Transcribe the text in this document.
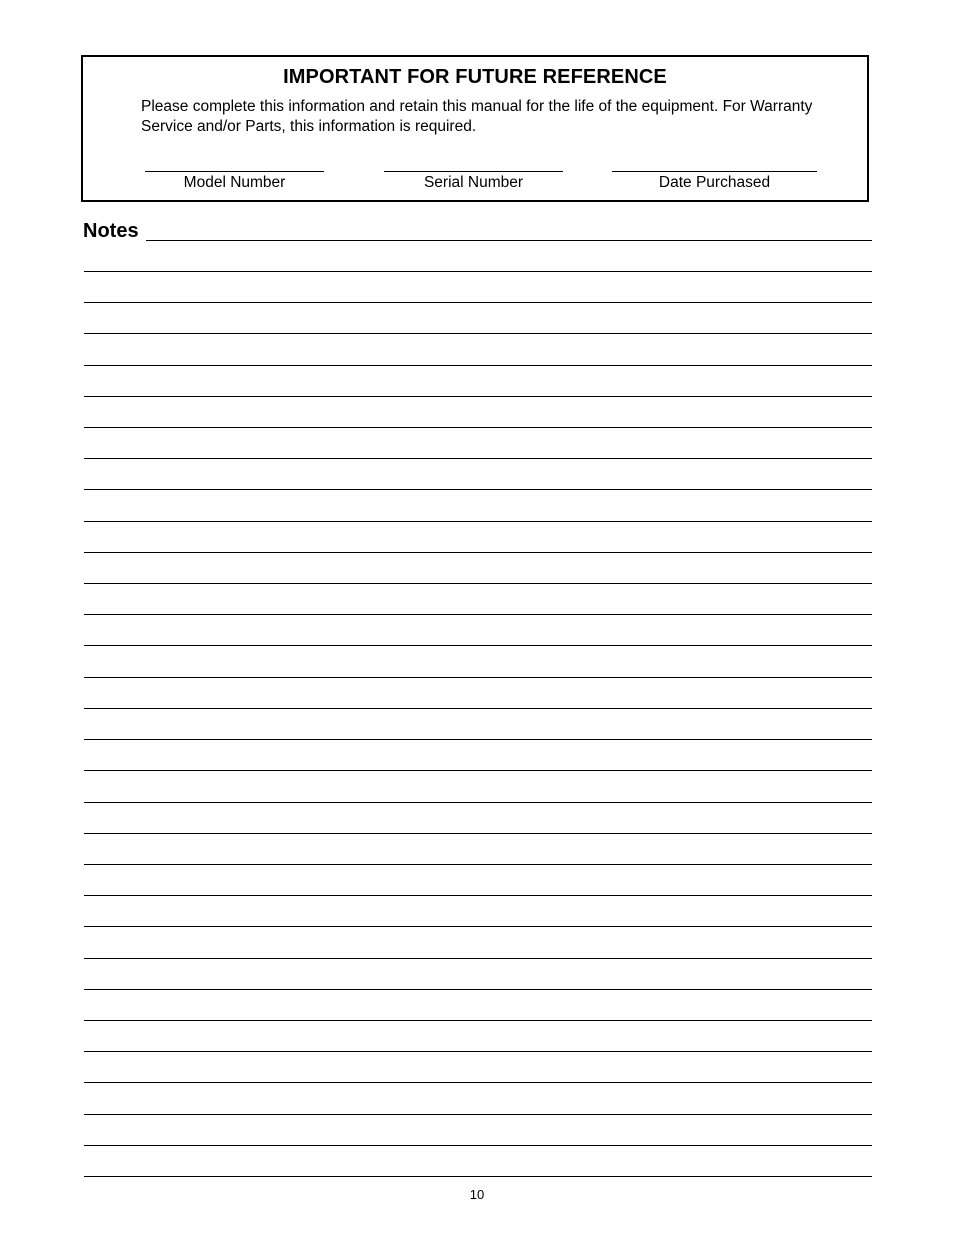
IMPORTANT FOR FUTURE REFERENCE
Please complete this information and retain this manual for the life of the equipment. For Warranty Service and/or Parts, this information is required.
Model Number	Serial Number	Date Purchased
Notes
10
